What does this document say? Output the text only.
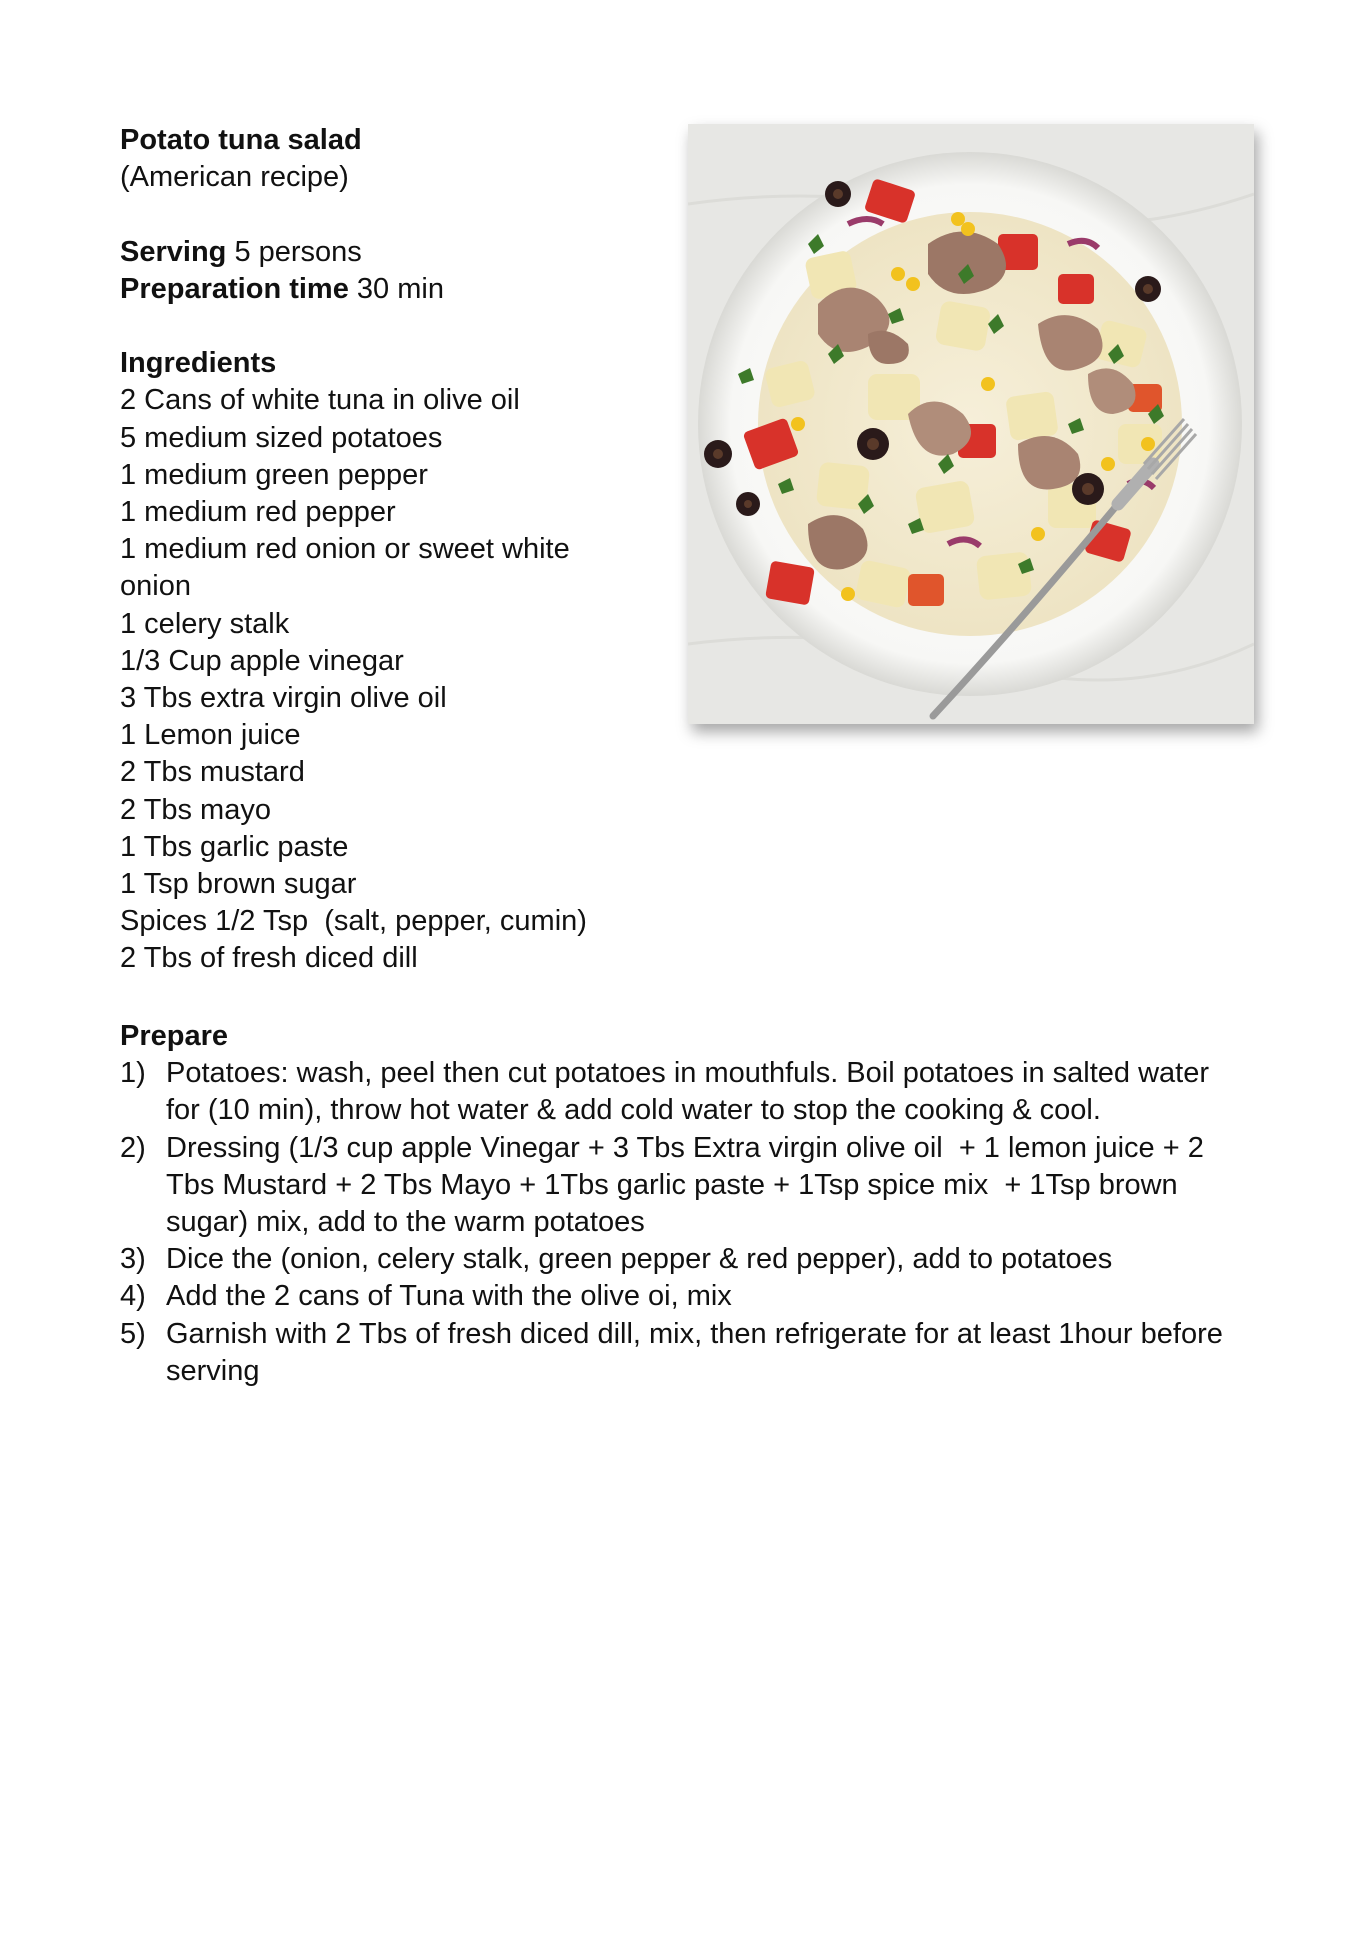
Potato tuna salad

(American recipe)

Serving 5 persons

Preparation time 30 min

Ingredients

2 Cans of white tuna in olive oil
5 medium sized potatoes
1 medium green pepper
1 medium red pepper
1 medium red onion or sweet white onion
1 celery stalk
1/3 Cup apple vinegar
3 Tbs extra virgin olive oil
1 Lemon juice
2 Tbs mustard
2 Tbs mayo
1 Tbs garlic paste
1 Tsp brown sugar
Spices 1/2 Tsp  (salt, pepper, cumin)
2 Tbs of fresh diced dill

Prepare

1) Potatoes: wash, peel then cut potatoes in mouthfuls. Boil potatoes in salted water for (10 min), throw hot water & add cold water to stop the cooking & cool.
2) Dressing (1/3 cup apple Vinegar + 3 Tbs Extra virgin olive oil  + 1 lemon juice + 2 Tbs Mustard + 2 Tbs Mayo + 1Tbs garlic paste + 1Tsp spice mix  + 1Tsp brown sugar) mix, add to the warm potatoes
3) Dice the (onion, celery stalk, green pepper & red pepper), add to potatoes
4) Add the 2 cans of Tuna with the olive oi, mix
5) Garnish with 2 Tbs of fresh diced dill, mix, then refrigerate for at least 1hour before serving
